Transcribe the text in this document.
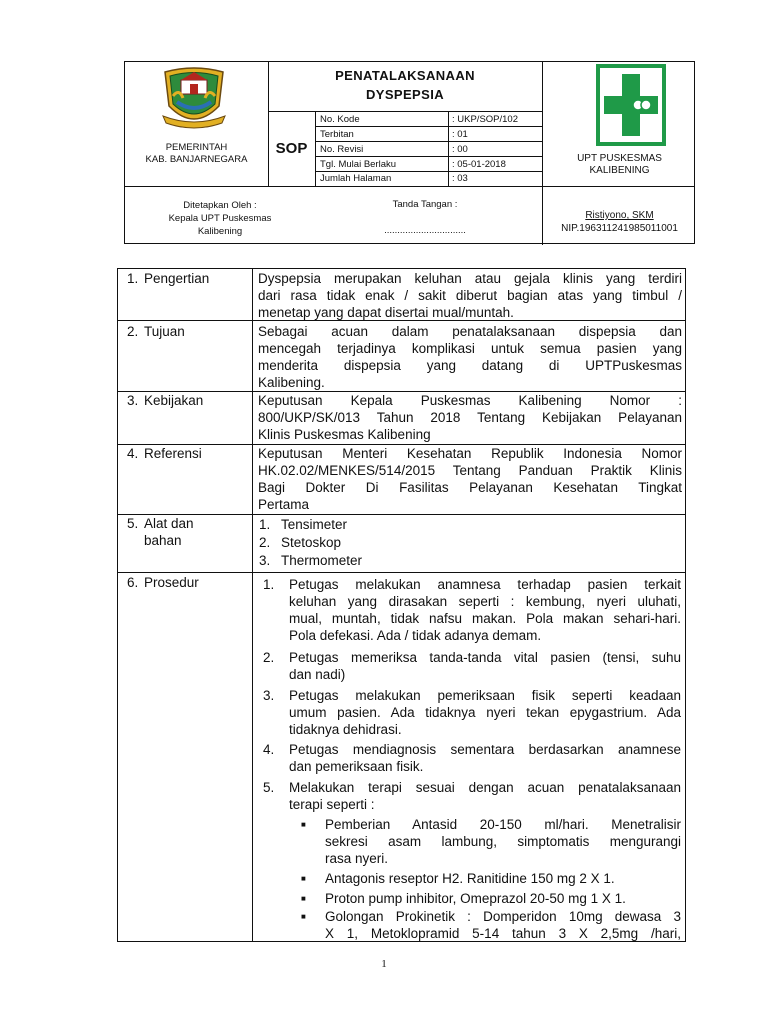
PEMERINTAH
KAB. BANJARNEGARA
PENATALAKSANAAN
DYSPEPSIA
SOP
No. Kode	: UKP/SOP/102
Terbitan	: 01
No. Revisi	: 00
Tgl. Mulai Berlaku	: 05-01-2018
Jumlah Halaman	: 03
UPT PUSKESMAS
KALIBENING
Ditetapkan Oleh :
Kepala UPT Puskesmas
Kalibening
Tanda Tangan :
...............................
Ristiyono, SKM
NIP.196311241985011001
1. Pengertian	Dyspepsia merupakan keluhan atau gejala klinis yang terdiri
dari rasa tidak enak / sakit diberut bagian atas yang timbul /
menetap yang dapat disertai mual/muntah.
2. Tujuan	Sebagai acuan dalam penatalaksanaan dispepsia dan
mencegah terjadinya komplikasi untuk semua pasien yang
menderita dispepsia yang datang di UPTPuskesmas
Kalibening.
3. Kebijakan	Keputusan Kepala Puskesmas Kalibening Nomor :
800/UKP/SK/013 Tahun 2018 Tentang Kebijakan Pelayanan
Klinis Puskesmas Kalibening
4. Referensi	Keputusan Menteri Kesehatan Republik Indonesia Nomor
HK.02.02/MENKES/514/2015 Tentang Panduan Praktik Klinis
Bagi Dokter Di Fasilitas Pelayanan Kesehatan Tingkat
Pertama
5. Alat dan
bahan
1. Tensimeter
2. Stetoskop
3. Thermometer
6. Prosedur	1. Petugas melakukan anamnesa terhadap pasien terkait
keluhan yang dirasakan seperti : kembung, nyeri uluhati,
mual, muntah, tidak nafsu makan. Pola makan sehari-hari.
Pola defekasi. Ada / tidak adanya demam.
2. Petugas memeriksa tanda-tanda vital pasien (tensi, suhu
dan nadi)
3. Petugas melakukan pemeriksaan fisik seperti keadaan
umum pasien. Ada tidaknya nyeri tekan epygastrium. Ada
tidaknya dehidrasi.
4. Petugas mendiagnosis sementara berdasarkan anamnese
dan pemeriksaan fisik.
5. Melakukan terapi sesuai dengan acuan penatalaksanaan
terapi seperti :
■ Pemberian Antasid 20-150 ml/hari. Menetralisir
sekresi asam lambung, simptomatis mengurangi
rasa nyeri.
■ Antagonis reseptor H2. Ranitidine 150 mg 2 X 1.
■ Proton pump inhibitor, Omeprazol 20-50 mg 1 X 1.
■ Golongan Prokinetik : Domperidon 10mg dewasa 3
X 1, Metoklopramid 5-14 tahun 3 X 2,5mg /hari,
1
